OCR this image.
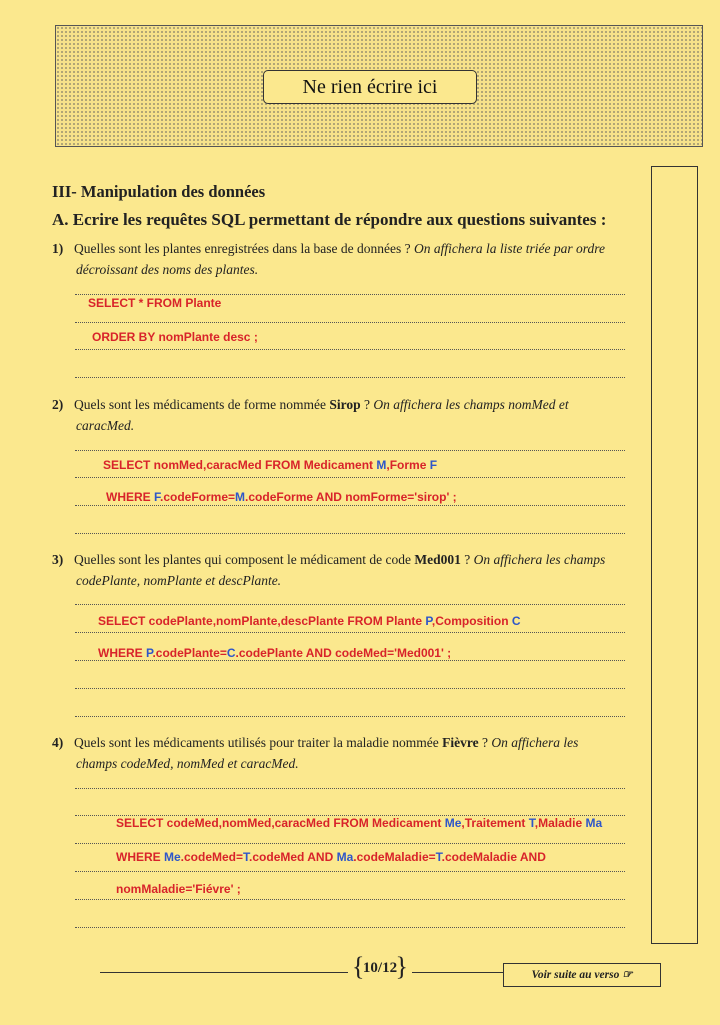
Ne rien écrire ici
III- Manipulation des données
A. Ecrire les requêtes SQL permettant de répondre aux questions suivantes :
1) Quelles sont les plantes enregistrées dans la base de données ? On affichera la liste triée par ordre
décroissant des noms des plantes.
SELECT * FROM Plante
ORDER BY nomPlante desc ;
2) Quels sont les médicaments de forme nommée Sirop ? On affichera les champs nomMed et
caracMed.
SELECT nomMed,caracMed FROM Medicament M,Forme F
WHERE F.codeForme=M.codeForme AND nomForme='sirop' ;
3) Quelles sont les plantes qui composent le médicament de code Med001 ? On affichera les champs
codePlante, nomPlante et descPlante.
SELECT codePlante,nomPlante,descPlante FROM Plante P,Composition C
WHERE P.codePlante=C.codePlante AND codeMed='Med001' ;
4) Quels sont les médicaments utilisés pour traiter la maladie nommée Fièvre ? On affichera les
champs codeMed, nomMed et caracMed.
SELECT codeMed,nomMed,caracMed FROM Medicament Me,Traitement T,Maladie Ma
WHERE Me.codeMed=T.codeMed AND Ma.codeMaladie=T.codeMaladie AND
nomMaladie='Fiévre' ;
{
10/12
}	Voir suite au verso ☞
